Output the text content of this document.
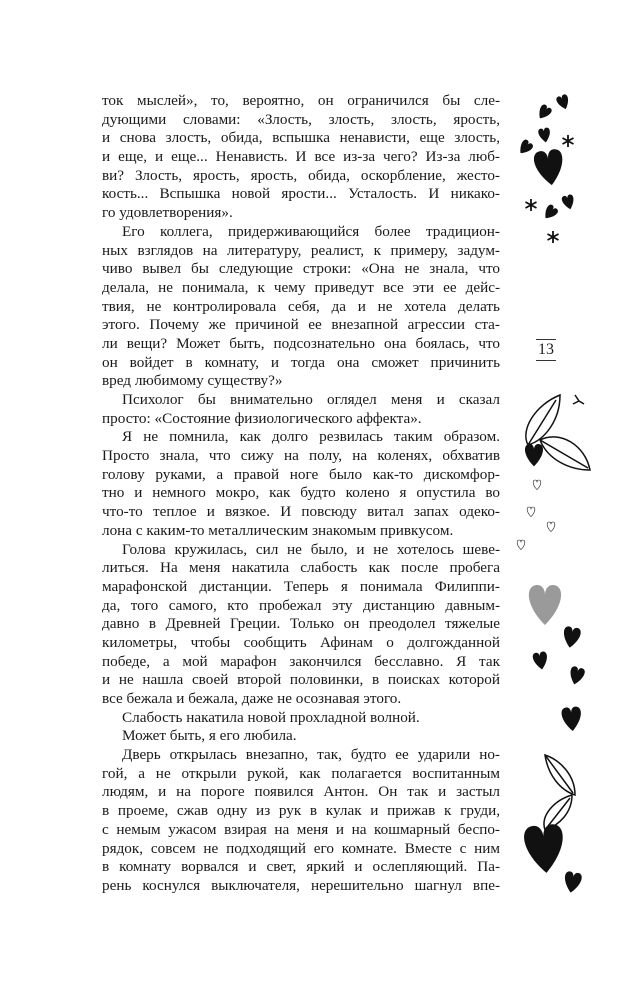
ток мыслей», то, вероятно, он ограничился бы сле-
дующими словами: «Злость, злость, злость, ярость,
и снова злость, обида, вспышка ненависти, еще злость,
и еще, и еще... Ненависть. И все из-за чего? Из-за люб-
ви? Злость, ярость, ярость, обида, оскорбление, жесто-
кость... Вспышка новой ярости... Усталость. И никако-
го удовлетворения».
Его коллега, придерживающийся более традицион-
ных взглядов на литературу, реалист, к примеру, задум-
чиво вывел бы следующие строки: «Она не знала, что
делала, не понимала, к чему приведут все эти ее дейс-
твия, не контролировала себя, да и не хотела делать
этого. Почему же причиной ее внезапной агрессии ста-
ли вещи? Может быть, подсознательно она боялась, что
он войдет в комнату, и тогда она сможет причинить
вред любимому существу?»
Психолог бы внимательно оглядел меня и сказал
просто: «Состояние физиологического аффекта».
Я не помнила, как долго резвилась таким образом.
Просто знала, что сижу на полу, на коленях, обхватив
голову руками, а правой ноге было как-то дискомфор-
тно и немного мокро, как будто колено я опустила во
что-то теплое и вязкое. И повсюду витал запах одеко-
лона с каким-то металлическим знакомым привкусом.
Голова кружилась, сил не было, и не хотелось шеве-
литься. На меня накатила слабость как после пробега
марафонской дистанции. Теперь я понимала Филиппи-
да, того самого, кто пробежал эту дистанцию давным-
давно в Древней Греции. Только он преодолел тяжелые
километры, чтобы сообщить Афинам о долгожданной
победе, а мой марафон закончился бесславно. Я так
и не нашла своей второй половинки, в поисках которой
все бежала и бежала, даже не осознавая этого.
Слабость накатила новой прохладной волной.
Может быть, я его любила.
Дверь открылась внезапно, так, будто ее ударили но-
гой, а не открыли рукой, как полагается воспитанным
людям, и на пороге появился Антон. Он так и застыл
в проеме, сжав одну из рук в кулак и прижав к груди,
с немым ужасом взирая на меня и на кошмарный беспо-
рядок, совсем не подходящий его комнате. Вместе с ним
в комнату ворвался и свет, яркий и ослепляющий. Па-
рень коснулся выключателя, нерешительно шагнул впе-
13
